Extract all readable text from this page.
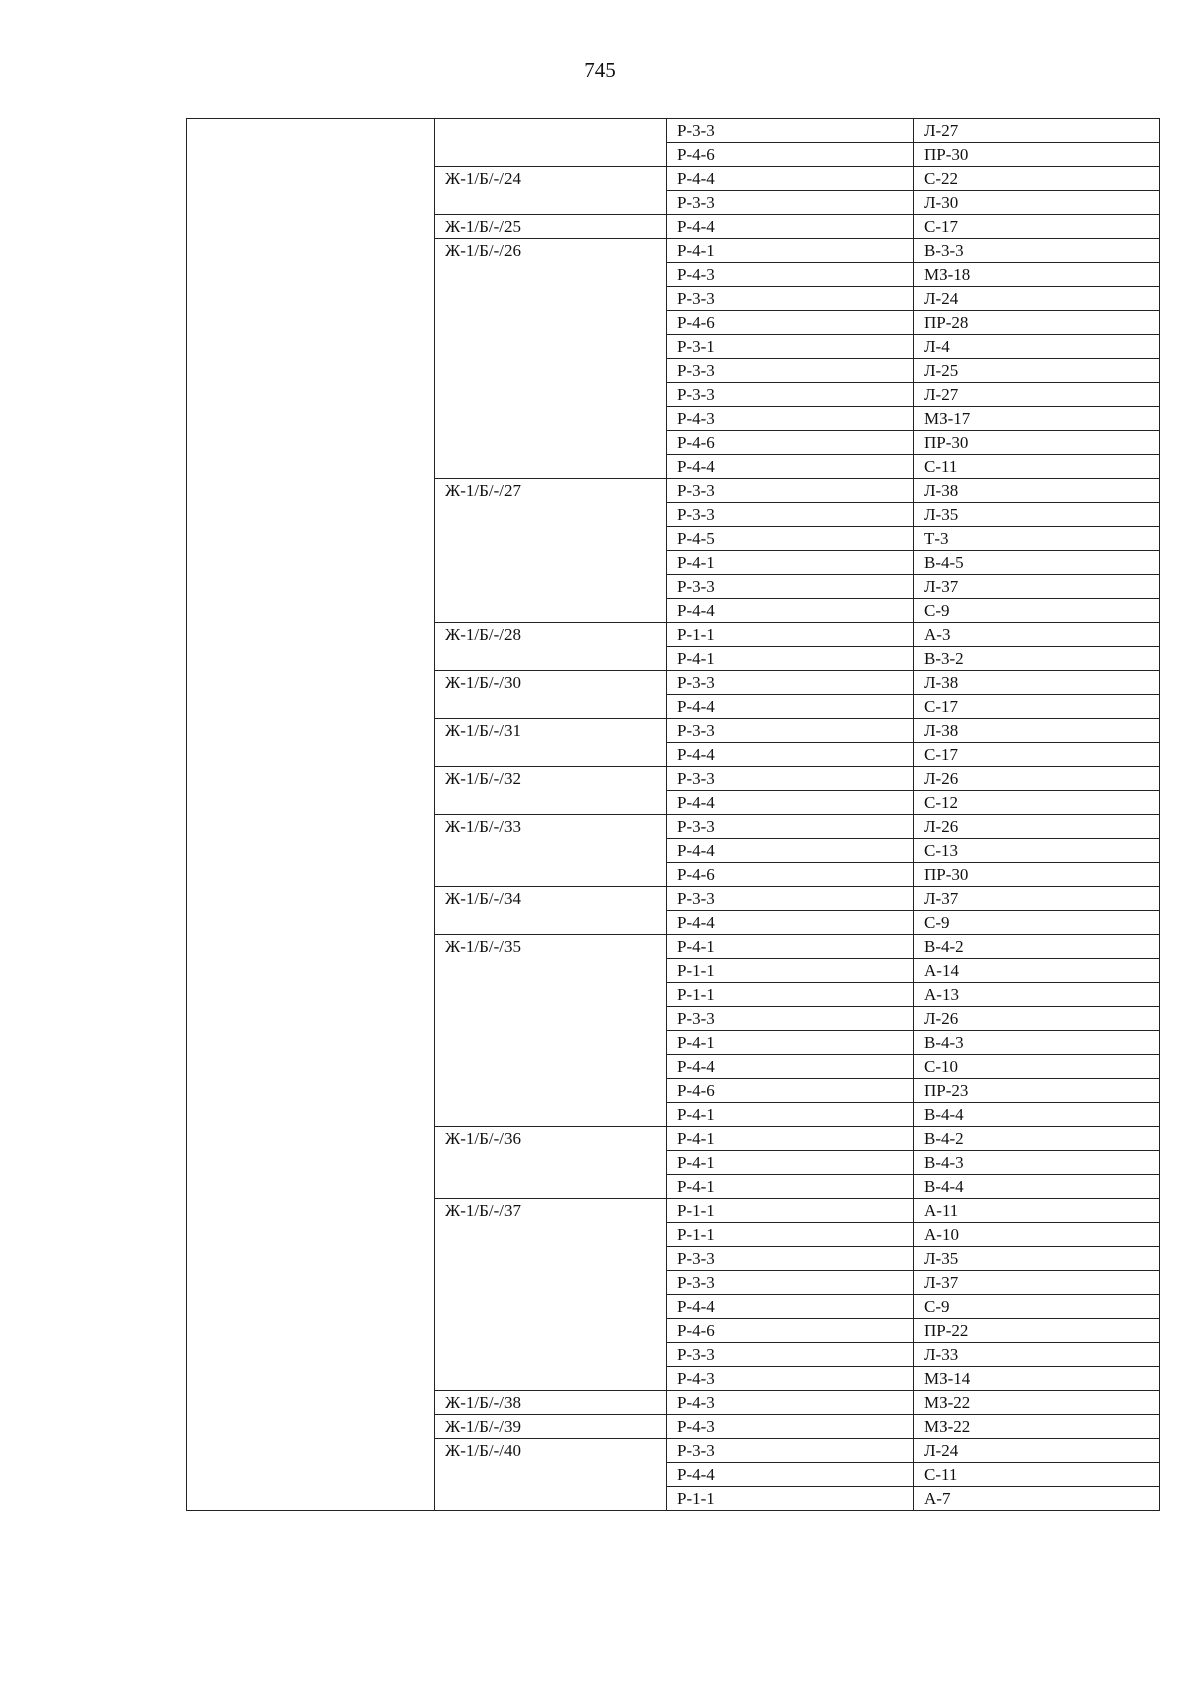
745
		Р-3-3	Л-27
		Р-4-6	ПР-30
	Ж-1/Б/-/24	Р-4-4	С-22
		Р-3-3	Л-30
	Ж-1/Б/-/25	Р-4-4	С-17
	Ж-1/Б/-/26	Р-4-1	В-3-3
		Р-4-3	МЗ-18
		Р-3-3	Л-24
		Р-4-6	ПР-28
		Р-3-1	Л-4
		Р-3-3	Л-25
		Р-3-3	Л-27
		Р-4-3	МЗ-17
		Р-4-6	ПР-30
		Р-4-4	С-11
	Ж-1/Б/-/27	Р-3-3	Л-38
		Р-3-3	Л-35
		Р-4-5	Т-3
		Р-4-1	В-4-5
		Р-3-3	Л-37
		Р-4-4	С-9
	Ж-1/Б/-/28	Р-1-1	А-3
		Р-4-1	В-3-2
	Ж-1/Б/-/30	Р-3-3	Л-38
		Р-4-4	С-17
	Ж-1/Б/-/31	Р-3-3	Л-38
		Р-4-4	С-17
	Ж-1/Б/-/32	Р-3-3	Л-26
		Р-4-4	С-12
	Ж-1/Б/-/33	Р-3-3	Л-26
		Р-4-4	С-13
		Р-4-6	ПР-30
	Ж-1/Б/-/34	Р-3-3	Л-37
		Р-4-4	С-9
	Ж-1/Б/-/35	Р-4-1	В-4-2
		Р-1-1	А-14
		Р-1-1	А-13
		Р-3-3	Л-26
		Р-4-1	В-4-3
		Р-4-4	С-10
		Р-4-6	ПР-23
		Р-4-1	В-4-4
	Ж-1/Б/-/36	Р-4-1	В-4-2
		Р-4-1	В-4-3
		Р-4-1	В-4-4
	Ж-1/Б/-/37	Р-1-1	А-11
		Р-1-1	А-10
		Р-3-3	Л-35
		Р-3-3	Л-37
		Р-4-4	С-9
		Р-4-6	ПР-22
		Р-3-3	Л-33
		Р-4-3	МЗ-14
	Ж-1/Б/-/38	Р-4-3	МЗ-22
	Ж-1/Б/-/39	Р-4-3	МЗ-22
	Ж-1/Б/-/40	Р-3-3	Л-24
		Р-4-4	С-11
		Р-1-1	А-7
